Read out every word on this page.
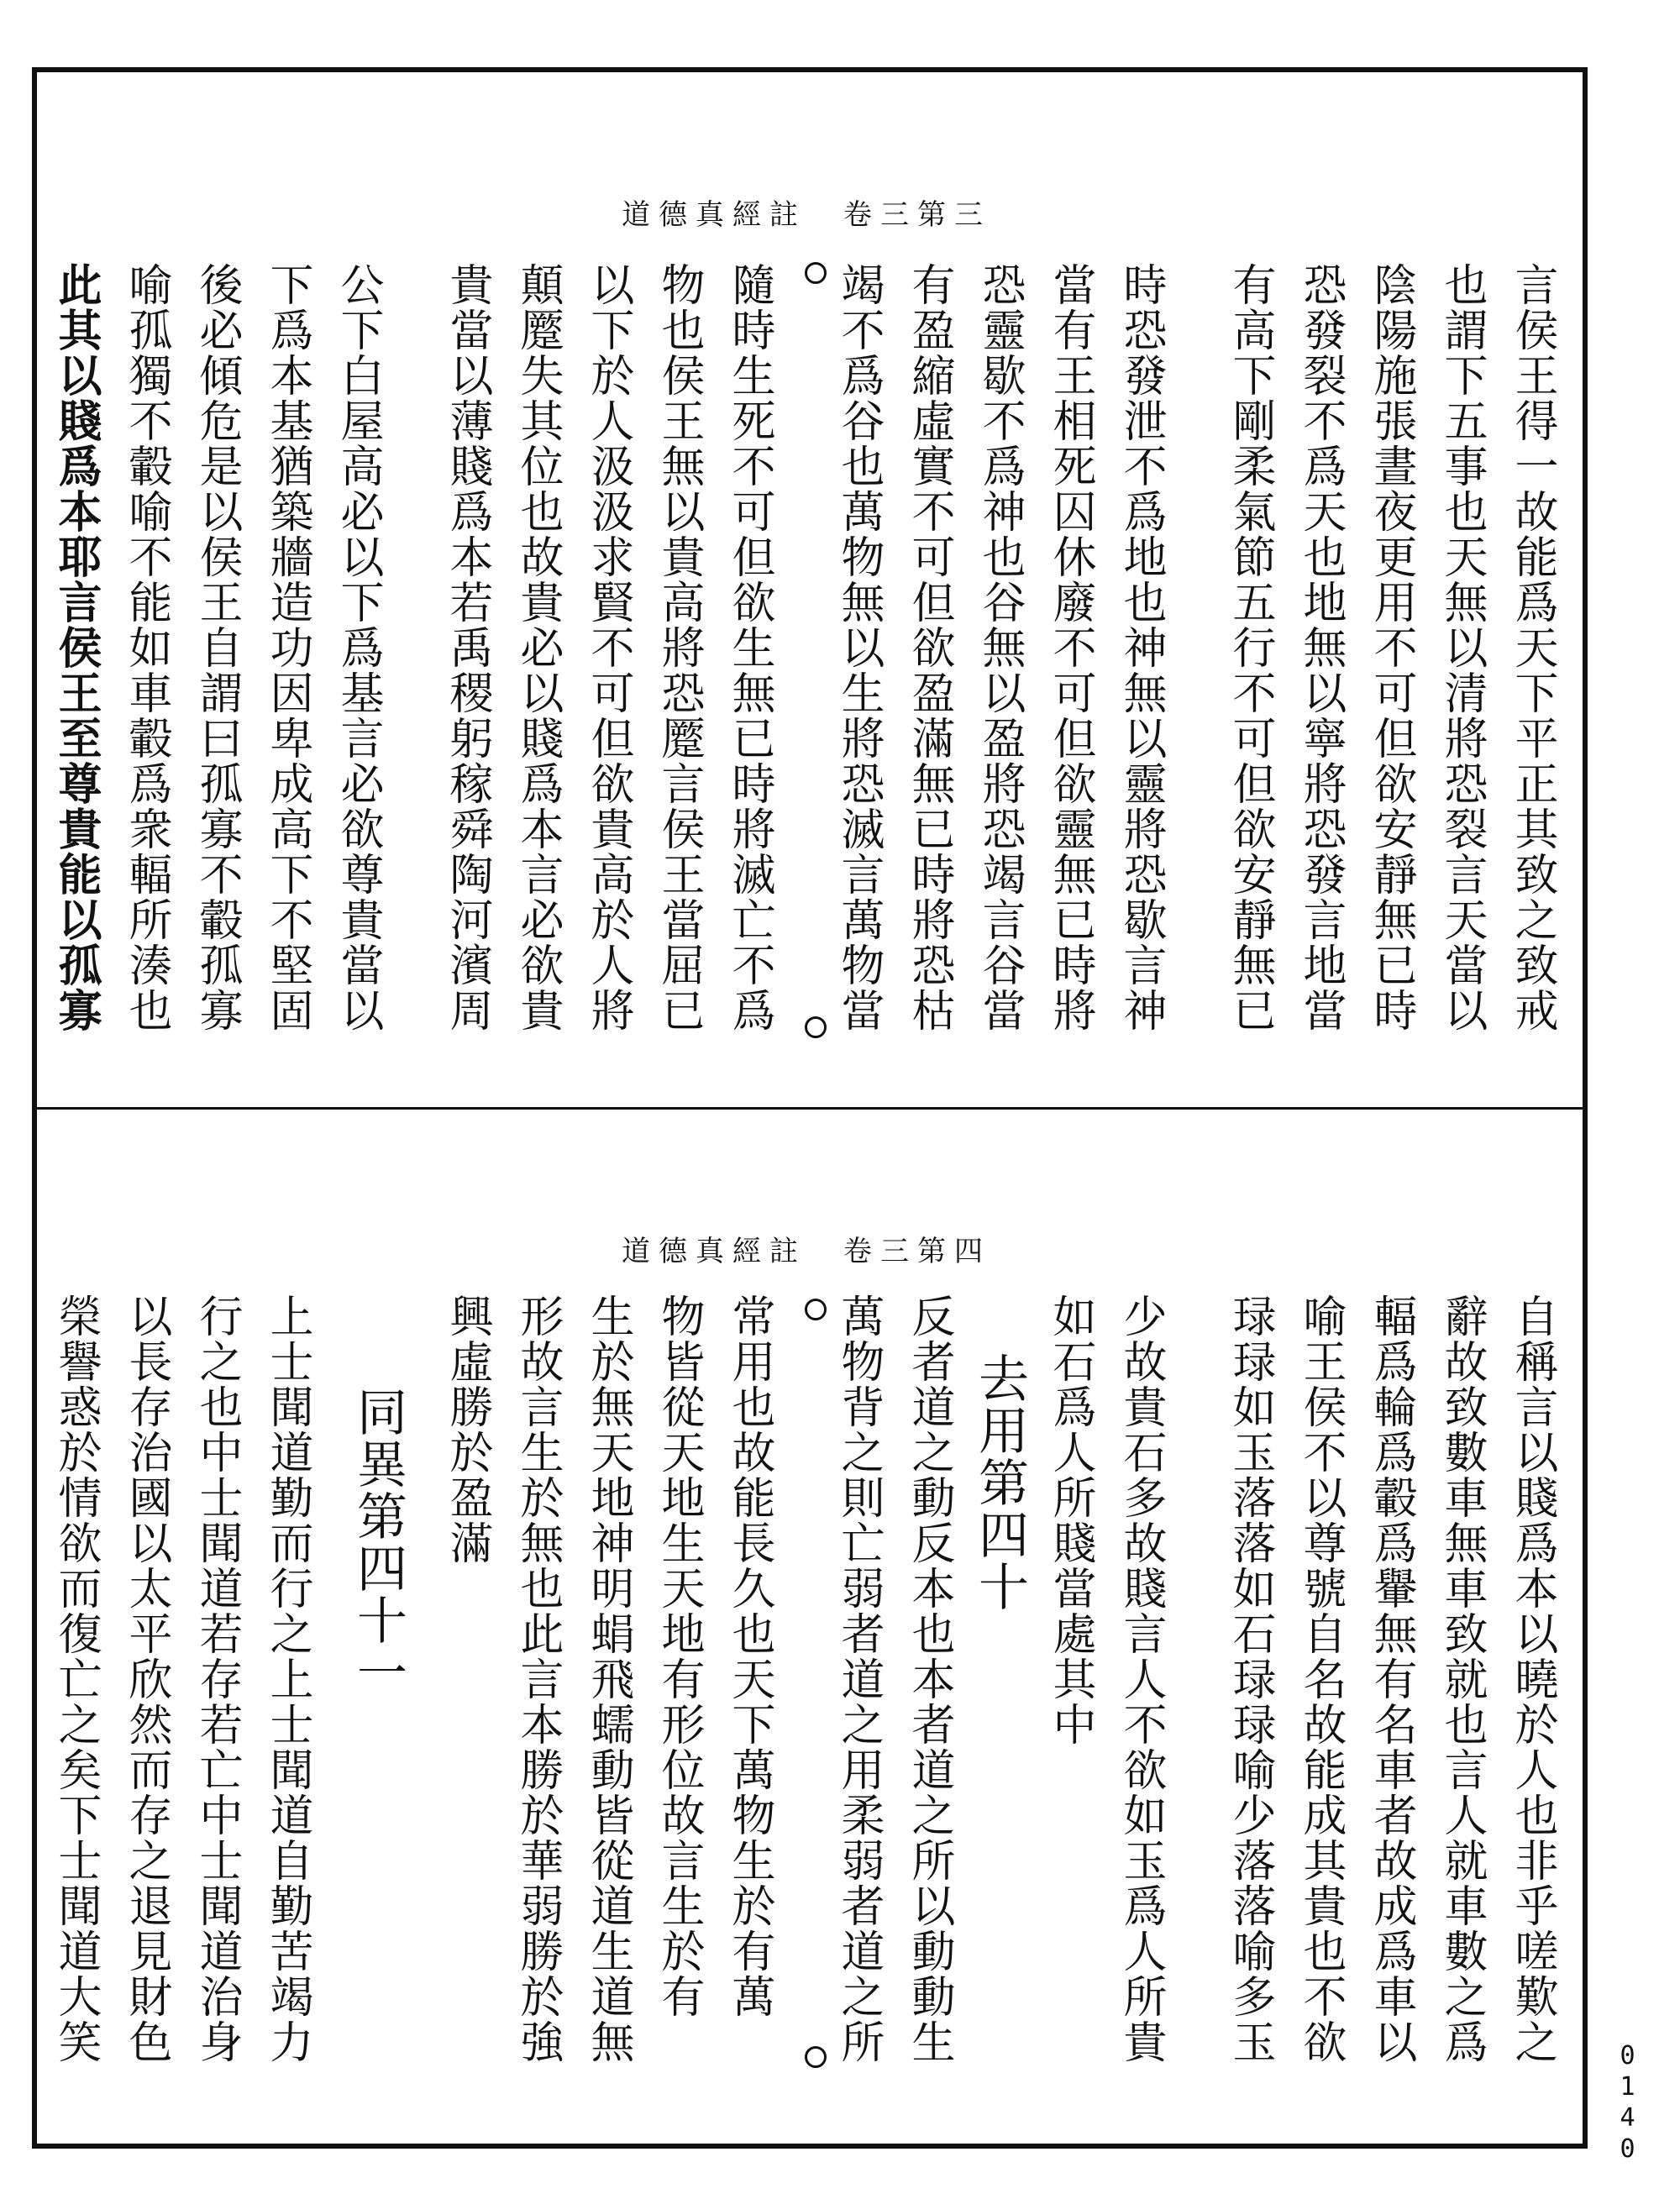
道德真經註　卷三第三
言侯王得一故能爲天下平正其致之致戒
也謂下五事也天無以清將恐裂言天當以
陰陽施張晝夜更用不可但欲安靜無已時
恐發裂不爲天也地無以寧將恐發言地當
有高下剛柔氣節五行不可但欲安靜無已
時恐發泄不爲地也神無以靈將恐歇言神
當有王相死囚休廢不可但欲靈無已時將
恐靈歇不爲神也谷無以盈將恐竭言谷當
有盈縮虛實不可但欲盈滿無已時將恐枯
竭不爲谷也萬物無以生將恐滅言萬物當
隨時生死不可但欲生無已時將滅亡不爲
物也侯王無以貴高將恐蹷言侯王當屈已
以下於人汲汲求賢不可但欲貴高於人將
顛蹷失其位也故貴必以賤爲本言必欲貴
貴當以薄賤爲本若禹稷躬稼舜陶河濱周
公下白屋高必以下爲基言必欲尊貴當以
下爲本基猶築牆造功因卑成高下不堅固
後必傾危是以侯王自謂曰孤寡不轂孤寡
喻孤獨不轂喻不能如車轂爲衆輻所湊也
此其以賤爲本耶言侯王至尊貴能以孤寡
道德真經註　卷三第四
自稱言以賤爲本以曉於人也非乎嗟歎之
辭故致數車無車致就也言人就車數之爲
輻爲輪爲轂爲轝無有名車者故成爲車以
喻王侯不以尊號自名故能成其貴也不欲
琭琭如玉落落如石琭琭喻少落落喻多玉
少故貴石多故賤言人不欲如玉爲人所貴
如石爲人所賤當處其中
去用第四十
反者道之動反本也本者道之所以動動生
萬物背之則亡弱者道之用柔弱者道之所
常用也故能長久也天下萬物生於有萬
物皆從天地生天地有形位故言生於有
生於無天地神明蜎飛蠕動皆從道生道無
形故言生於無也此言本勝於華弱勝於強
興虛勝於盈滿
同異第四十一
上士聞道勤而行之上士聞道自勤苦竭力
行之也中士聞道若存若亡中士聞道治身
以長存治國以太平欣然而存之退見財色
榮譽惑於情欲而復亡之矣下士聞道大笑
0140
